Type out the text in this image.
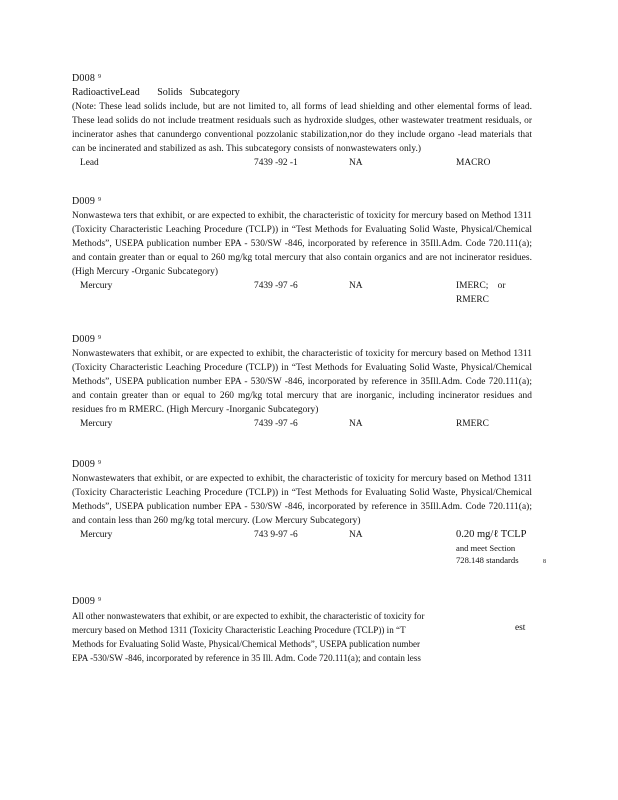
D008 $^9$
RadioactiveLead       Solids   Subcategory
(Note: These lead solids include, but are not limited to, all forms of lead shielding and other elemental forms of lead. These lead solids do not include treatment residuals such as hydroxide sludges, other wastewater treatment residuals, or incinerator ashes that canundergo conventional pozzolanic stabilization,nor do they include organo -lead materials that can be incinerated and stabilized as ash. This subcategory consists of nonwastewaters only.)
Lead	7439 -92 -1	NA	MACRO
D009 $^9$
Nonwastewa ters that exhibit, or are expected to exhibit, the characteristic of toxicity for mercury based on Method 1311 (Toxicity Characteristic Leaching Procedure (TCLP)) in “Test Methods for Evaluating Solid Waste, Physical/Chemical Methods”, USEPA publication number EPA - 530/SW -846, incorporated by reference in 35Ill.Adm. Code 720.111(a); and contain greater than or equal to 260 mg/kg total mercury that also contain organics and are not incinerator residues. (High Mercury -Organic Subcategory)
Mercury	7439 -97 -6	NA	IMERC;    or
RMERC
D009 $^9$
Nonwastewaters that exhibit, or are expected to exhibit, the characteristic of toxicity for mercury based on Method 1311 (Toxicity Characteristic Leaching Procedure (TCLP)) in “Test Methods for Evaluating Solid Waste, Physical/Chemical Methods”, USEPA publication number EPA - 530/SW -846, incorporated by reference in 35Ill.Adm. Code 720.111(a); and contain greater than or equal to 260 mg/kg total mercury that are inorganic, including incinerator residues and residues fro m RMERC. (High Mercury -Inorganic Subcategory)
Mercury	7439 -97 -6	NA	RMERC
D009 $^9$
Nonwastewaters that exhibit, or are expected to exhibit, the characteristic of toxicity for mercury based on Method 1311 (Toxicity Characteristic Leaching Procedure (TCLP)) in “Test Methods for Evaluating Solid Waste, Physical/Chemical Methods”, USEPA publication number EPA - 530/SW -846, incorporated by reference in 35Ill.Adm. Code 720.111(a); and contain less than 260 mg/kg total mercury. (Low Mercury Subcategory)
Mercury	743 9-97 -6	NA	0.20 mg/ℓ TCLP
and meet Section
728.148 standards	8
D009 $^9$
All other nonwastewaters that exhibit, or are expected to exhibit, the characteristic of toxicity for
mercury based on Method 1311 (Toxicity Characteristic Leaching Procedure (TCLP)) in “T
Methods for Evaluating Solid Waste, Physical/Chemical Methods”, USEPA publication number
EPA -530/SW -846, incorporated by reference in 35 Ill. Adm. Code 720.111(a); and contain less
est
